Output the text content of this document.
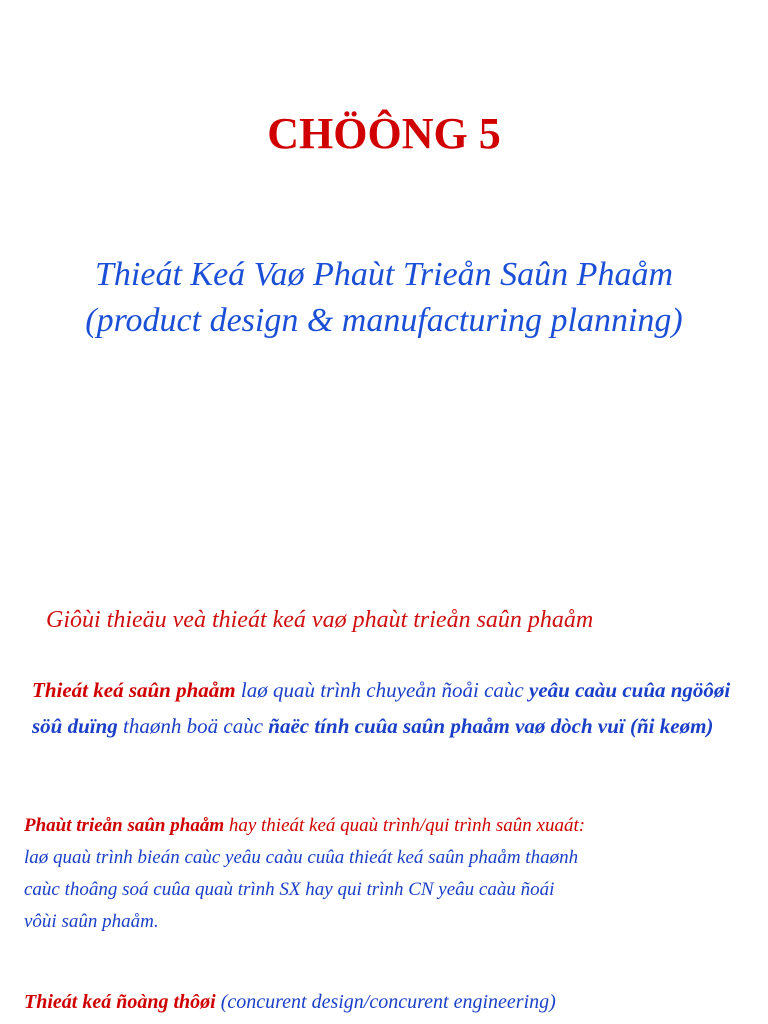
CHÖÔNG 5
Thieát Keá Vaø Phaùt Trieån Saûn Phaåm
(product design & manufacturing planning)
Giôùi thieäu veà thieát keá vaø phaùt trieån saûn phaåm

Thieát keá saûn phaåm laø quaù trình chuyeån ñoåi caùc yeâu caàu cuûa ngöôøi söû duïng thaønh boä caùc ñaëc tính cuûa saûn phaåm vaø dòch vuï (ñi keøm)

Phaùt trieån saûn phaåm hay thieát keá quaù trình/qui trình saûn xuaát:
laø quaù trình bieán caùc yeâu caàu cuûa thieát keá saûn phaåm thaønh
caùc thoâng soá cuûa quaù trình SX hay qui trình CN yeâu caàu ñoái
vôùi saûn phaåm.

Thieát keá ñoàng thôøi (concurent design/concurent engineering)
